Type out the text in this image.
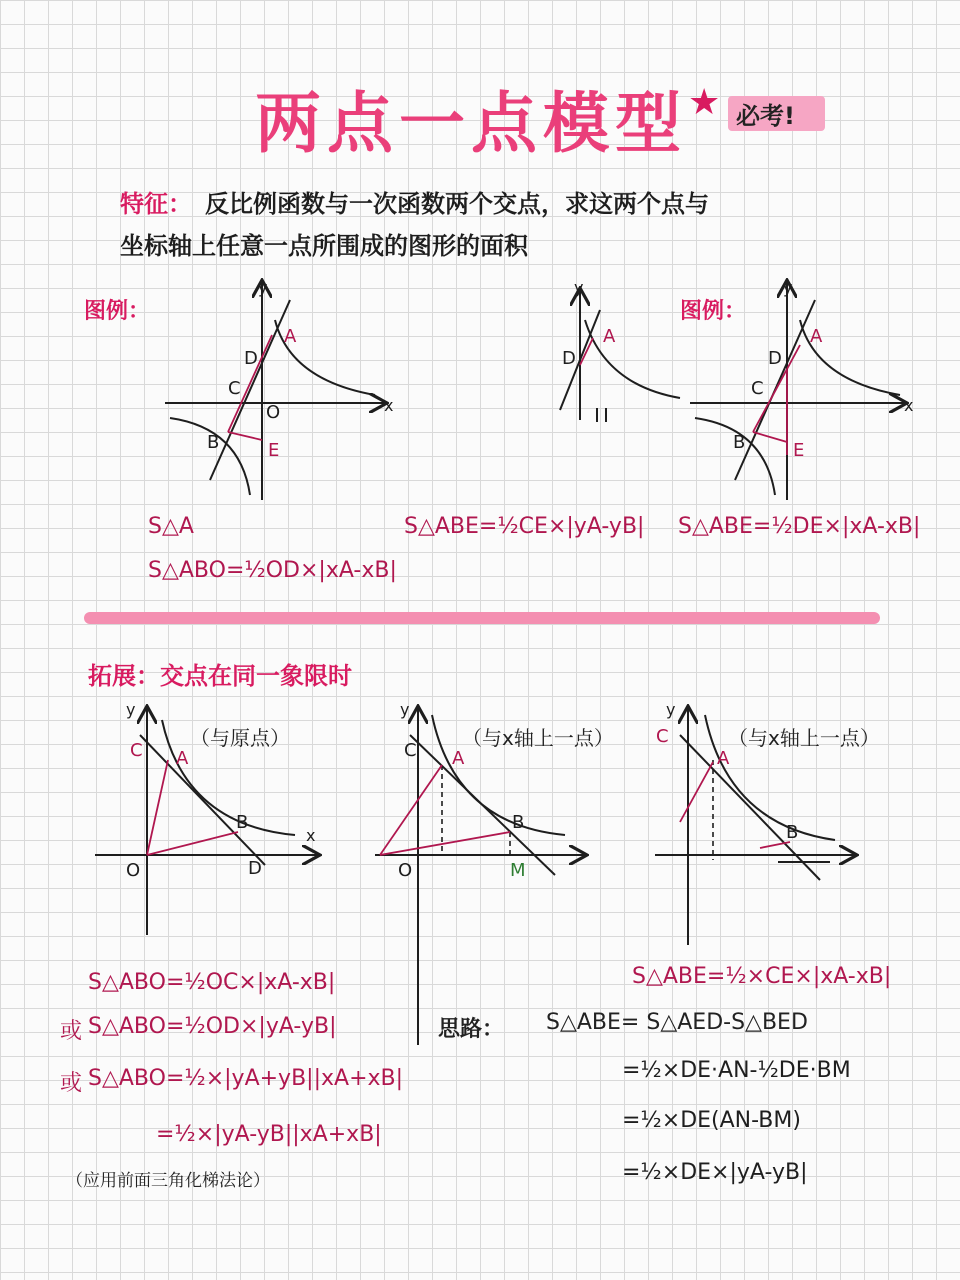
两点一点模型 ★ 必考!
特征： 反比例函数与一次函数两个交点，求这两个点与
坐标轴上任意一点所围成的图形的面积
图例：	图例：
y
x
O
A
B
C
D
E
y
A
D
y
x
A
B
C
D
E
S△A	S△ABE=½CE×|yA-yB| S△ABE=½DE×|xA-xB|
S△ABO=½OD×|xA-xB|
拓展：交点在同一象限时
（与原点）	（与x轴上一点）	（与x轴上一点）
y
x
O
A
B
C
D
y
O
A
B
C
M
y
A
B
C
S△ABO=½OC×|xA-xB|
或 S△ABO=½OD×|yA-yB|
或 S△ABO=½×|yA+yB||xA+xB|
=½×|yA-yB||xA+xB|
（应用前面三角化梯法论）
S△ABE=½×CE×|xA-xB|
思路： S△ABE= S△AED-S△BED
=½×DE·AN-½DE·BM
=½×DE(AN-BM)
=½×DE×|yA-yB|
